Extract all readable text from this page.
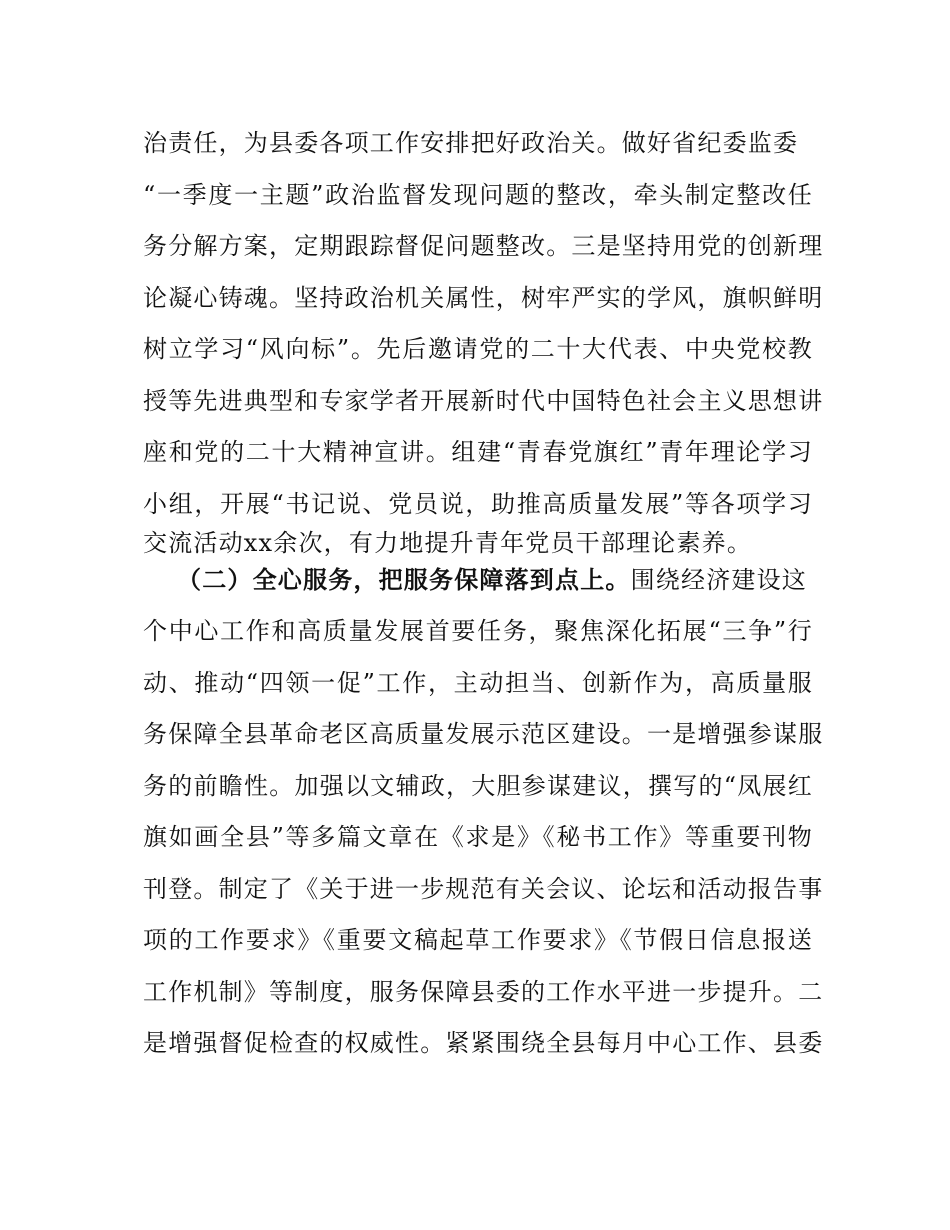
治责任，为县委各项工作安排把好政治关。做好省纪委监委
“一季度一主题”政治监督发现问题的整改，牵头制定整改任
务分解方案，定期跟踪督促问题整改。三是坚持用党的创新理
论凝心铸魂。坚持政治机关属性，树牢严实的学风，旗帜鲜明
树立学习“风向标”。先后邀请党的二十大代表、中央党校教
授等先进典型和专家学者开展新时代中国特色社会主义思想讲
座和党的二十大精神宣讲。组建“青春党旗红”青年理论学习
小组，开展“书记说、党员说，助推高质量发展”等各项学习
交流活动xx余次，有力地提升青年党员干部理论素养。
（二）全心服务，把服务保障落到点上。围绕经济建设这
个中心工作和高质量发展首要任务，聚焦深化拓展“三争”行
动、推动“四领一促”工作，主动担当、创新作为，高质量服
务保障全县革命老区高质量发展示范区建设。一是增强参谋服
务的前瞻性。加强以文辅政，大胆参谋建议，撰写的“凤展红
旗如画全县”等多篇文章在《求是》《秘书工作》等重要刊物
刊登。制定了《关于进一步规范有关会议、论坛和活动报告事
项的工作要求》《重要文稿起草工作要求》《节假日信息报送
工作机制》等制度，服务保障县委的工作水平进一步提升。二
是增强督促检查的权威性。紧紧围绕全县每月中心工作、县委
